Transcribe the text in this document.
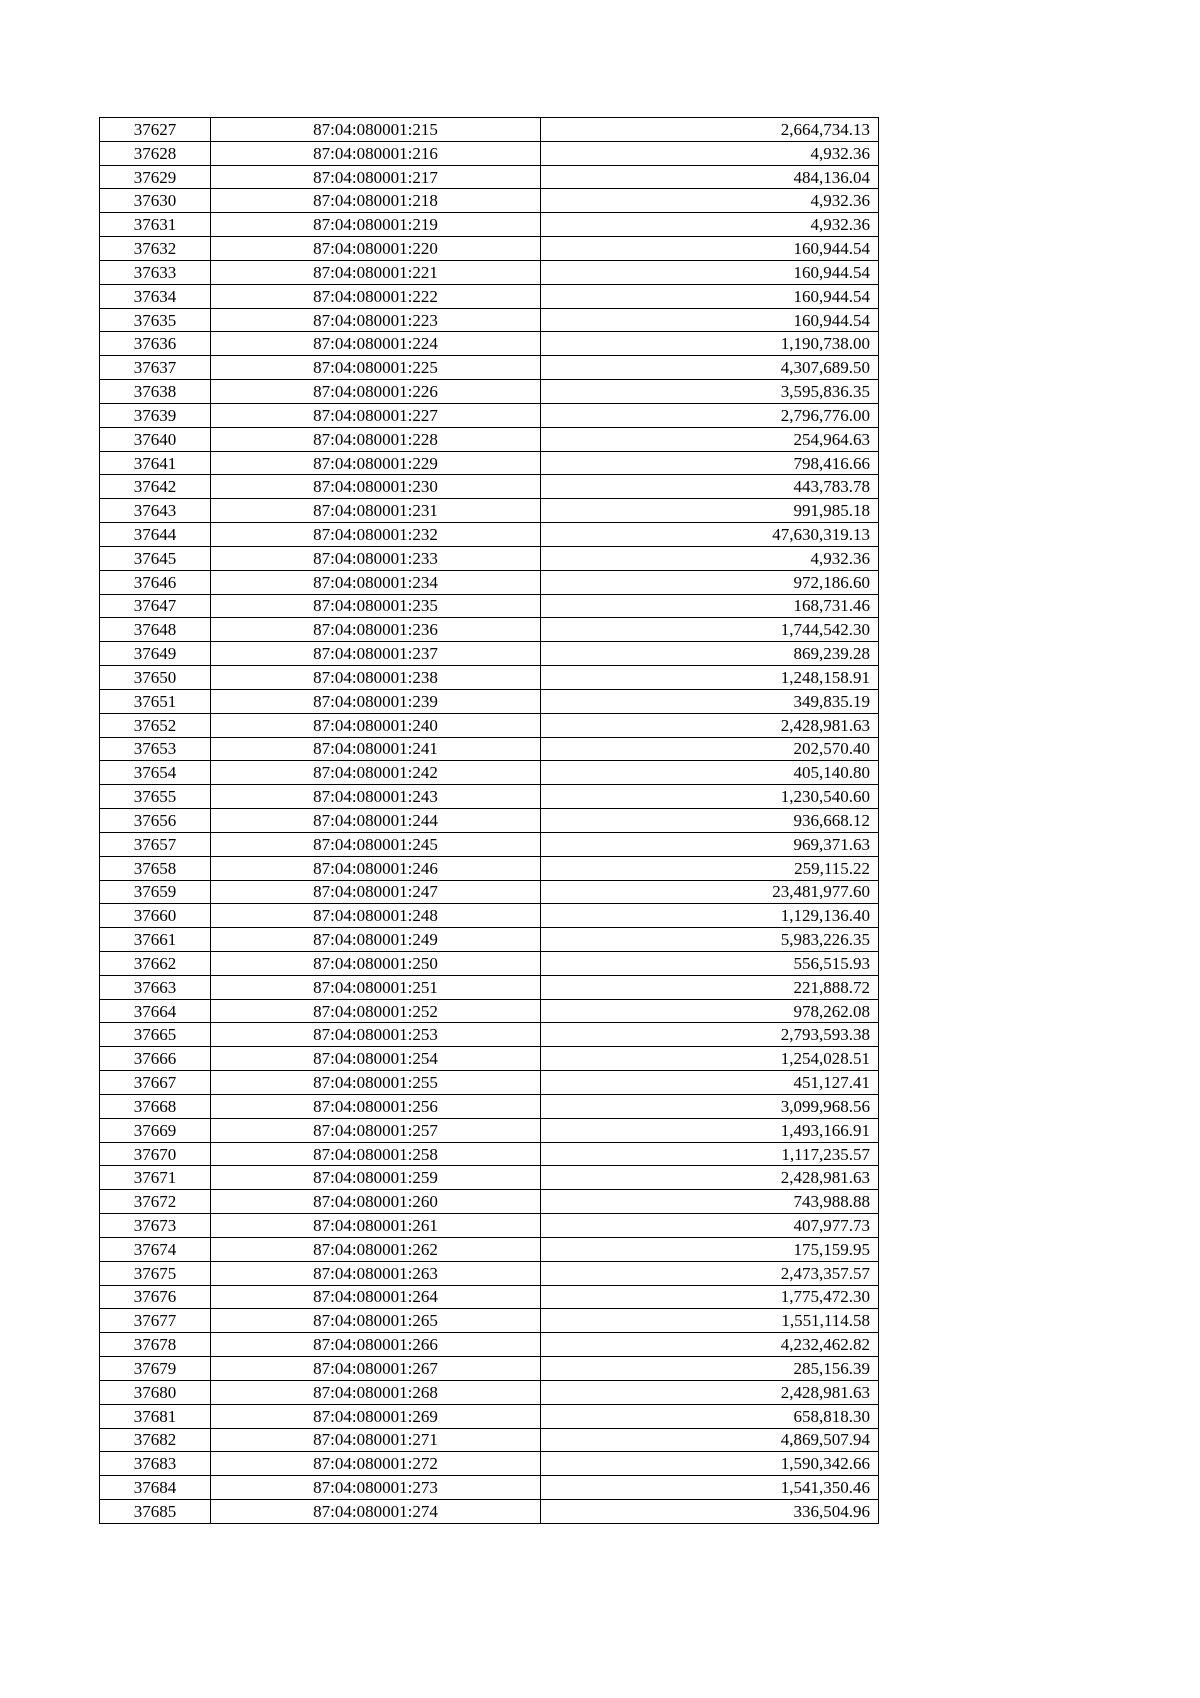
37627	87:04:080001:215	2,664,734.13
37628	87:04:080001:216	4,932.36
37629	87:04:080001:217	484,136.04
37630	87:04:080001:218	4,932.36
37631	87:04:080001:219	4,932.36
37632	87:04:080001:220	160,944.54
37633	87:04:080001:221	160,944.54
37634	87:04:080001:222	160,944.54
37635	87:04:080001:223	160,944.54
37636	87:04:080001:224	1,190,738.00
37637	87:04:080001:225	4,307,689.50
37638	87:04:080001:226	3,595,836.35
37639	87:04:080001:227	2,796,776.00
37640	87:04:080001:228	254,964.63
37641	87:04:080001:229	798,416.66
37642	87:04:080001:230	443,783.78
37643	87:04:080001:231	991,985.18
37644	87:04:080001:232	47,630,319.13
37645	87:04:080001:233	4,932.36
37646	87:04:080001:234	972,186.60
37647	87:04:080001:235	168,731.46
37648	87:04:080001:236	1,744,542.30
37649	87:04:080001:237	869,239.28
37650	87:04:080001:238	1,248,158.91
37651	87:04:080001:239	349,835.19
37652	87:04:080001:240	2,428,981.63
37653	87:04:080001:241	202,570.40
37654	87:04:080001:242	405,140.80
37655	87:04:080001:243	1,230,540.60
37656	87:04:080001:244	936,668.12
37657	87:04:080001:245	969,371.63
37658	87:04:080001:246	259,115.22
37659	87:04:080001:247	23,481,977.60
37660	87:04:080001:248	1,129,136.40
37661	87:04:080001:249	5,983,226.35
37662	87:04:080001:250	556,515.93
37663	87:04:080001:251	221,888.72
37664	87:04:080001:252	978,262.08
37665	87:04:080001:253	2,793,593.38
37666	87:04:080001:254	1,254,028.51
37667	87:04:080001:255	451,127.41
37668	87:04:080001:256	3,099,968.56
37669	87:04:080001:257	1,493,166.91
37670	87:04:080001:258	1,117,235.57
37671	87:04:080001:259	2,428,981.63
37672	87:04:080001:260	743,988.88
37673	87:04:080001:261	407,977.73
37674	87:04:080001:262	175,159.95
37675	87:04:080001:263	2,473,357.57
37676	87:04:080001:264	1,775,472.30
37677	87:04:080001:265	1,551,114.58
37678	87:04:080001:266	4,232,462.82
37679	87:04:080001:267	285,156.39
37680	87:04:080001:268	2,428,981.63
37681	87:04:080001:269	658,818.30
37682	87:04:080001:271	4,869,507.94
37683	87:04:080001:272	1,590,342.66
37684	87:04:080001:273	1,541,350.46
37685	87:04:080001:274	336,504.96
